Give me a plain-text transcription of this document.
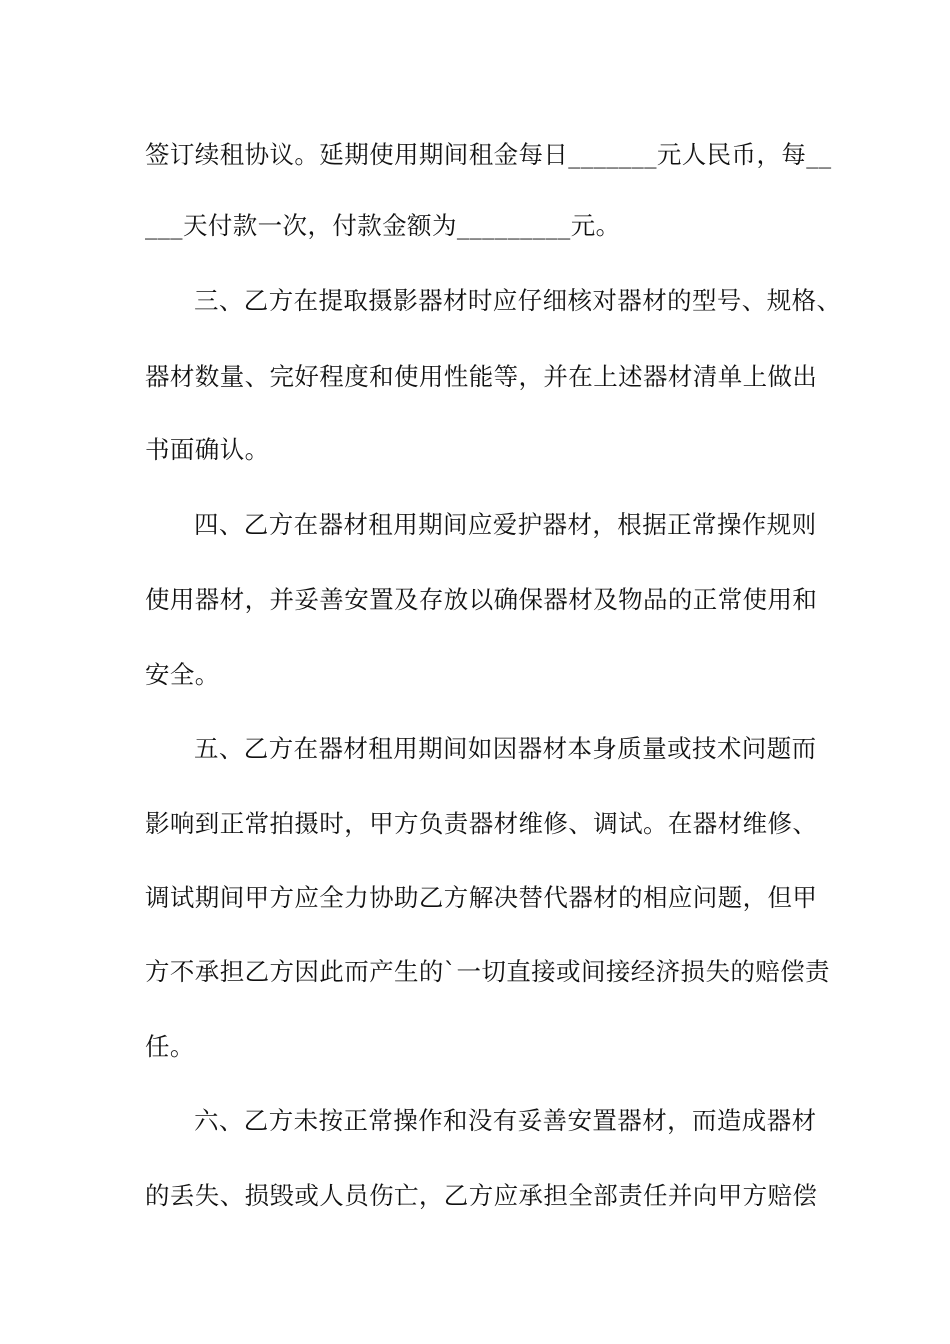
签订续租协议。延期使用期间租金每日_______元人民币，每__
___天付款一次，付款金额为_________元。
三、乙方在提取摄影器材时应仔细核对器材的型号、规格、
器材数量、完好程度和使用性能等，并在上述器材清单上做出
书面确认。
四、乙方在器材租用期间应爱护器材，根据正常操作规则
使用器材，并妥善安置及存放以确保器材及物品的正常使用和
安全。
五、乙方在器材租用期间如因器材本身质量或技术问题而
影响到正常拍摄时，甲方负责器材维修、调试。在器材维修、
调试期间甲方应全力协助乙方解决替代器材的相应问题，但甲
方不承担乙方因此而产生的`一切直接或间接经济损失的赔偿责
任。
六、乙方未按正常操作和没有妥善安置器材，而造成器材
的丢失、损毁或人员伤亡，乙方应承担全部责任并向甲方赔偿
